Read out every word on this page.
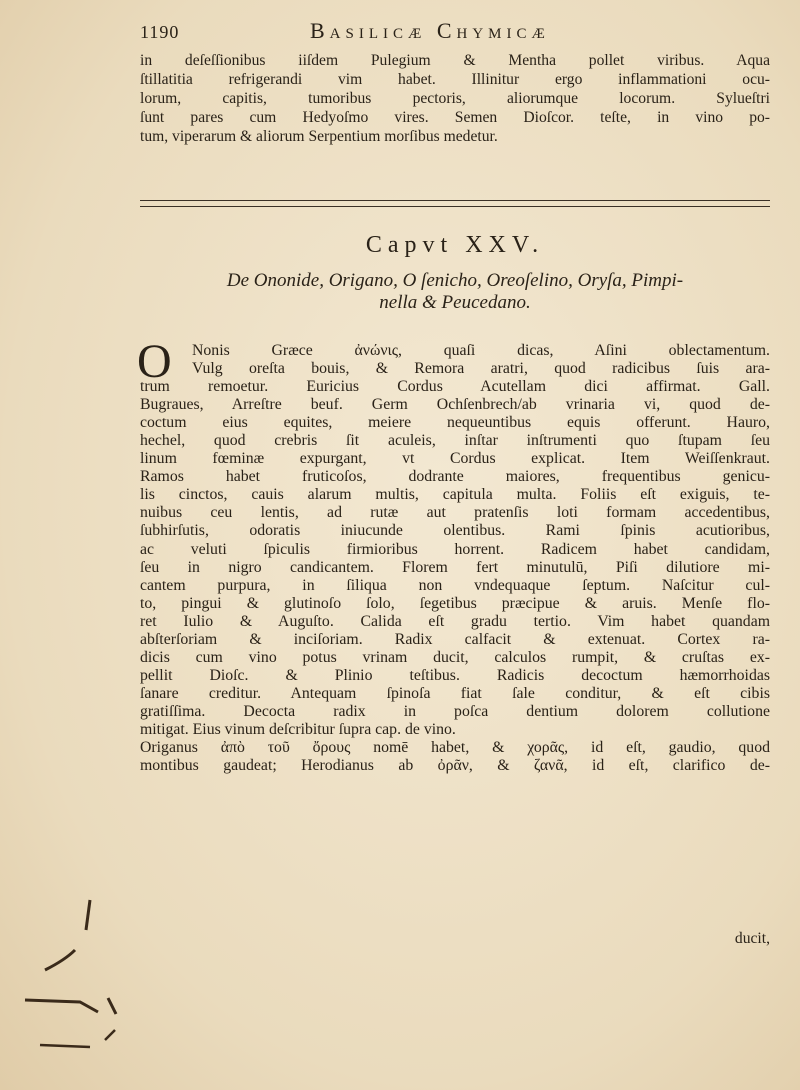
1190	Basilicæ Chymicæ
in deſeſſionibus iiſdem Pulegium & Mentha pollet viribus. Aqua
ſtillatitia refrigerandi vim habet. Illinitur ergo inflammationi ocu-
lorum, capitis, tumoribus pectoris, aliorumque locorum. Sylueſtri
ſunt pares cum Hedyoſmo vires. Semen Dioſcor. teſte, in vino po-
tum, viperarum & aliorum Serpentium morſibus medetur.
Capvt XXV.
De Ononide, Origano, O ſenicho, Oreoſelino, Oryſa, Pimpi-
nella & Peucedano.
O	Nonis Græce ἀνώνις, quaſi dicas, Aſini oblectamentum.
Vulg oreſta bouis, & Remora aratri, quod radicibus ſuis ara-
trum remoetur. Euricius Cordus Acutellam dici affirmat. Gall.
Bugraues, Arreſtre beuf. Germ Ochſenbrech/ab vrinaria vi, quod de-
coctum eius equites, meiere nequeuntibus equis offerunt. Hauro,
hechel, quod crebris ſit aculeis, inſtar inſtrumenti quo ſtupam ſeu
linum fœminæ expurgant, vt Cordus explicat. Item Weiſſenkraut.
Ramos habet fruticoſos, dodrante maiores, frequentibus genicu-
lis cinctos, cauis alarum multis, capitula multa. Foliis eſt exiguis, te-
nuibus ceu lentis, ad rutæ aut pratenſis loti formam accedentibus,
ſubhirſutis, odoratis iniucunde olentibus. Rami ſpinis acutioribus,
ac veluti ſpiculis firmioribus horrent. Radicem habet candidam,
ſeu in nigro candicantem. Florem fert minutulū, Piſi dilutiore mi-
cantem purpura, in ſiliqua non vndequaque ſeptum. Naſcitur cul-
to, pingui & glutinoſo ſolo, ſegetibus præcipue & aruis. Menſe flo-
ret Iulio & Auguſto. Calida eſt gradu tertio. Vim habet quandam
abſterſoriam & inciſoriam. Radix calfacit & extenuat. Cortex ra-
dicis cum vino potus vrinam ducit, calculos rumpit, & cruſtas ex-
pellit Dioſc. & Plinio teſtibus. Radicis decoctum hæmorrhoidas
ſanare creditur. Antequam ſpinoſa fiat ſale conditur, & eſt cibis
gratiſſima. Decocta radix in poſca dentium dolorem collutione
mitigat. Eius vinum deſcribitur ſupra cap. de vino.
Origanus ἀπὸ τοῦ ὄρους nomē habet, & χορᾶς, id eſt, gaudio, quod
montibus gaudeat; Herodianus ab ὀρᾶν, & ζανᾶ, id eſt, clarifico de-
ducit,
